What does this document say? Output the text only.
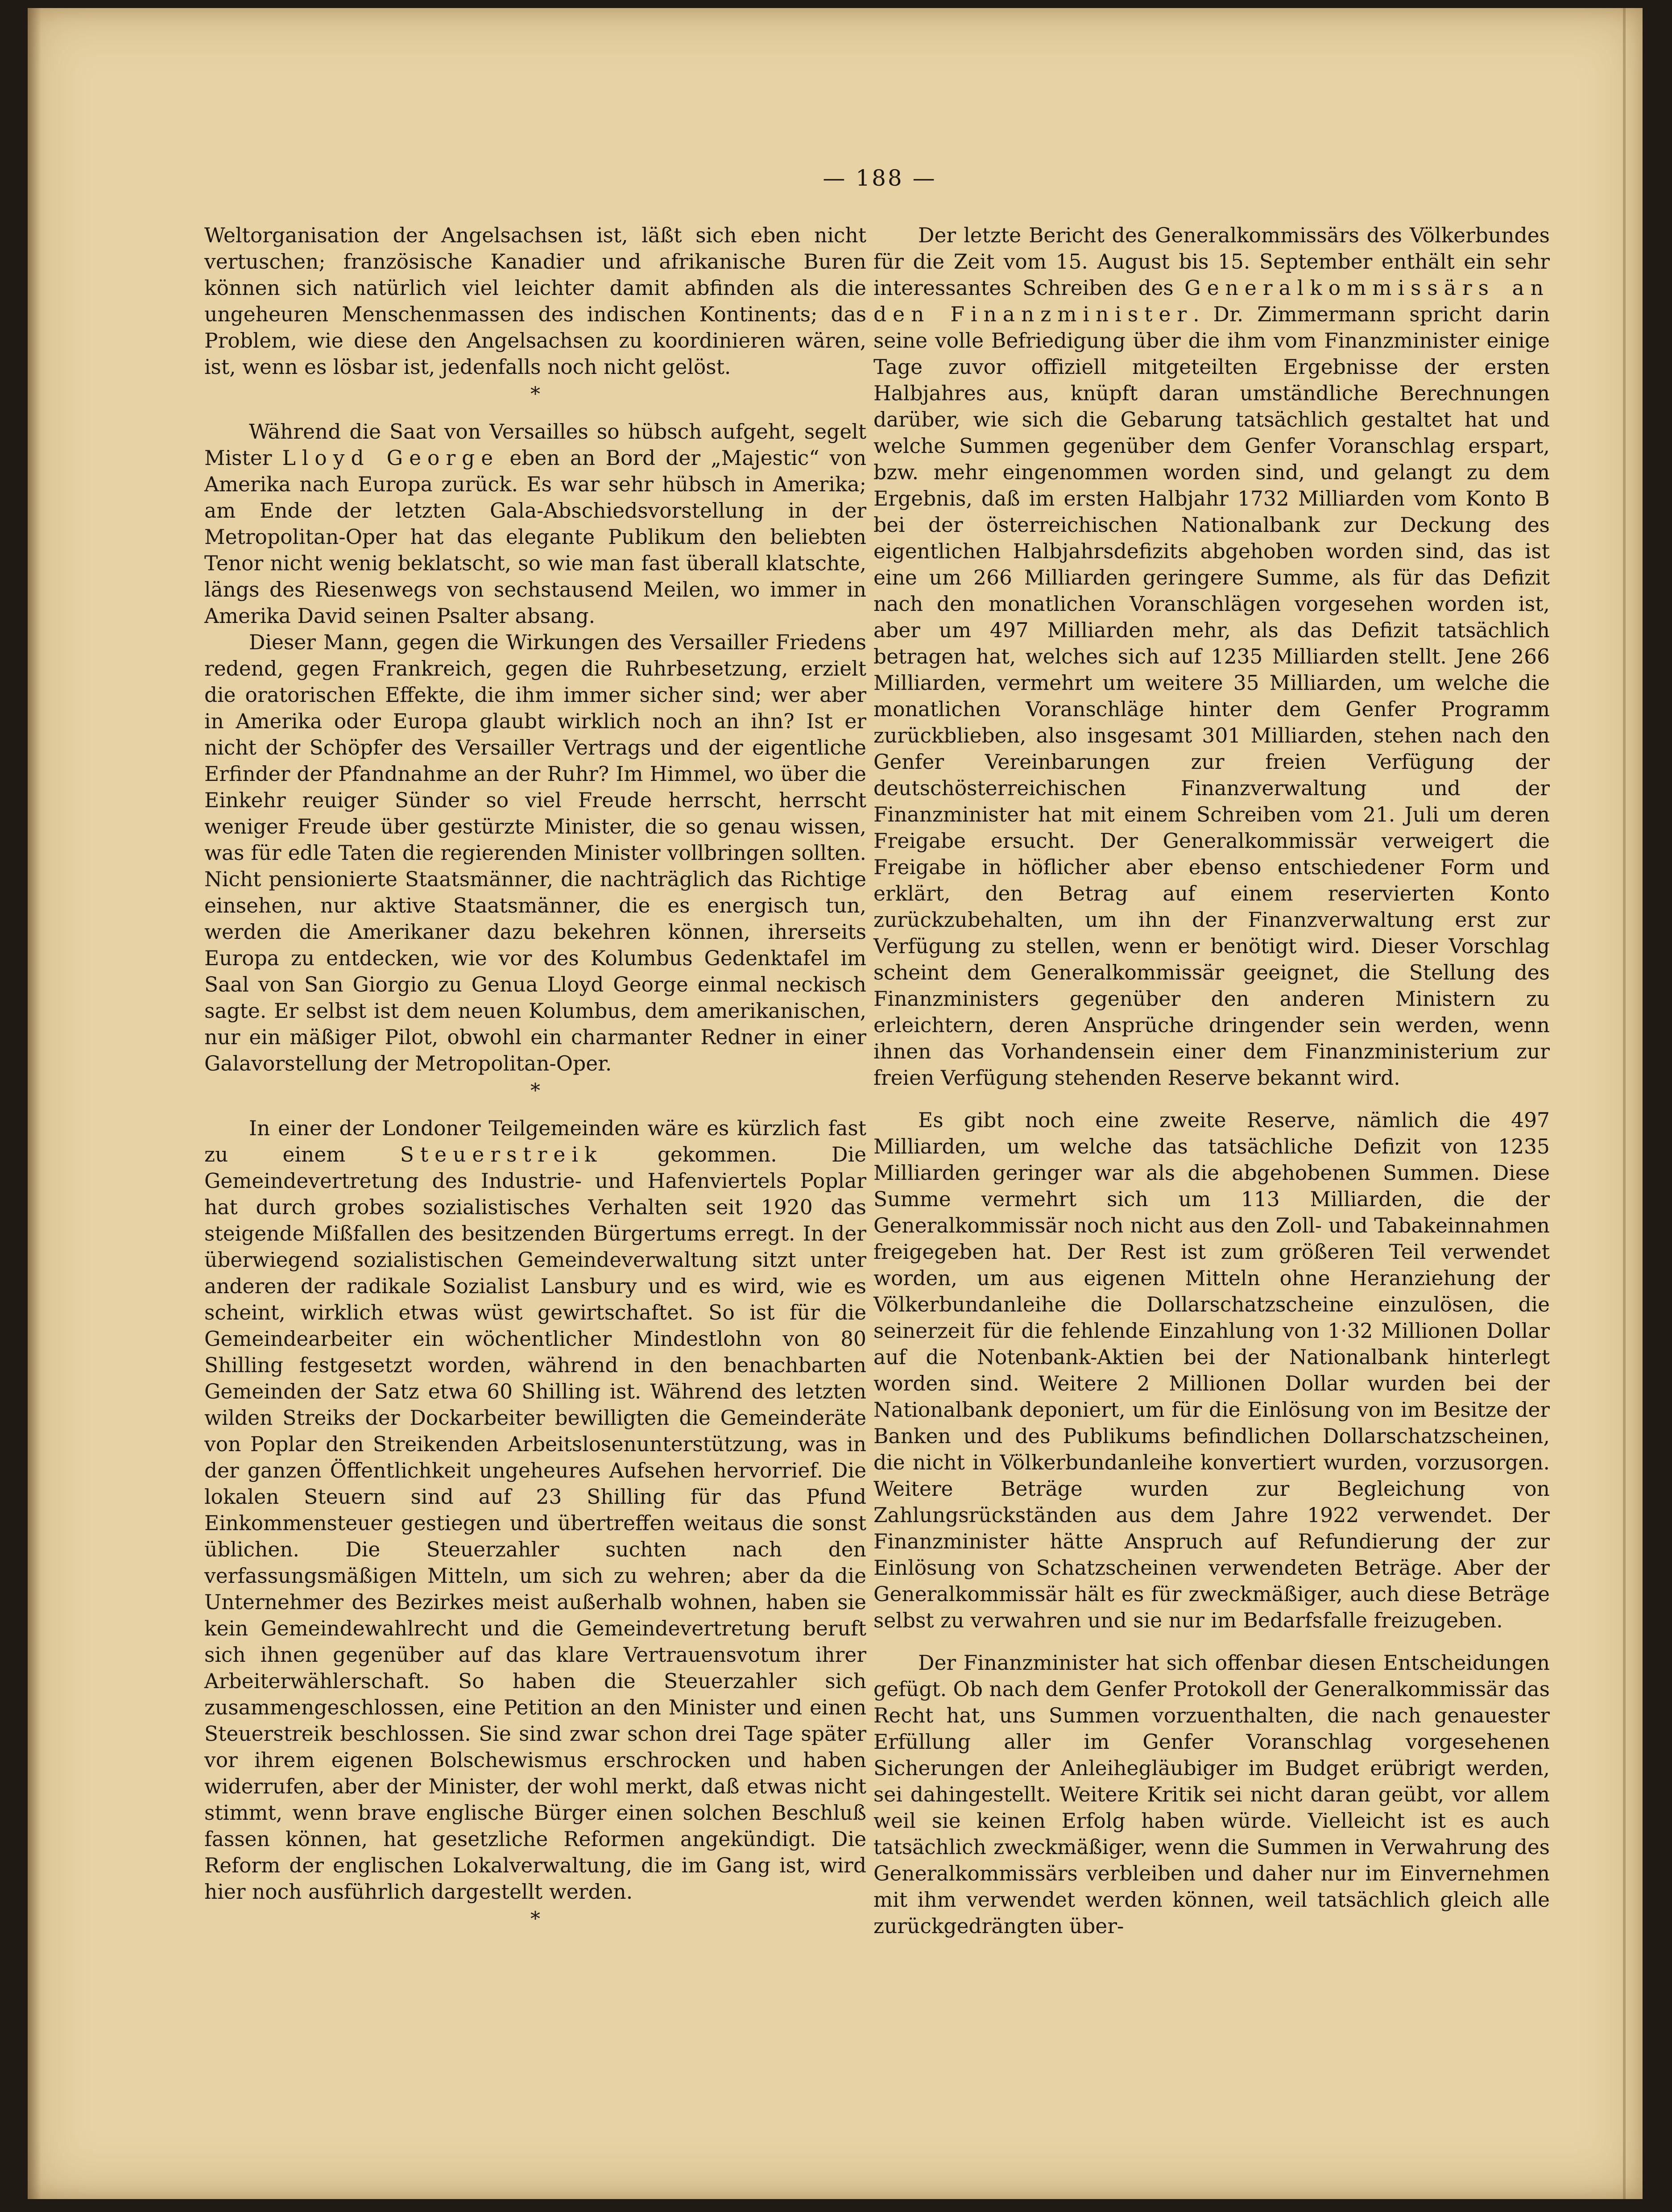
— 188 —

Weltorganisation der Angelsachsen ist, läßt sich eben nicht vertuschen; französische Kanadier und afrikanische Buren können sich natürlich viel leichter damit abfinden als die ungeheuren Menschenmassen des indischen Kontinents; das Problem, wie diese den Angelsachsen zu koordinieren wären, ist, wenn es lösbar ist, jedenfalls noch nicht gelöst.

*

Während die Saat von Versailles so hübsch aufgeht, segelt Mister Lloyd George eben an Bord der „Majestic“ von Amerika nach Europa zurück. Es war sehr hübsch in Amerika; am Ende der letzten Gala-Abschiedsvorstellung in der Metropolitan-Oper hat das elegante Publikum den beliebten Tenor nicht wenig beklatscht, so wie man fast überall klatschte, längs des Riesenwegs von sechstausend Meilen, wo immer in Amerika David seinen Psalter absang.

Dieser Mann, gegen die Wirkungen des Versailler Friedens redend, gegen Frankreich, gegen die Ruhrbesetzung, erzielt die oratorischen Effekte, die ihm immer sicher sind; wer aber in Amerika oder Europa glaubt wirklich noch an ihn? Ist er nicht der Schöpfer des Versailler Vertrags und der eigentliche Erfinder der Pfandnahme an der Ruhr? Im Himmel, wo über die Einkehr reuiger Sünder so viel Freude herrscht, herrscht weniger Freude über gestürzte Minister, die so genau wissen, was für edle Taten die regierenden Minister vollbringen sollten. Nicht pensionierte Staatsmänner, die nachträglich das Richtige einsehen, nur aktive Staatsmänner, die es energisch tun, werden die Amerikaner dazu bekehren können, ihrerseits Europa zu entdecken, wie vor des Kolumbus Gedenktafel im Saal von San Giorgio zu Genua Lloyd George einmal neckisch sagte. Er selbst ist dem neuen Kolumbus, dem amerikanischen, nur ein mäßiger Pilot, obwohl ein charmanter Redner in einer Galavorstellung der Metropolitan-Oper.

*

In einer der Londoner Teilgemeinden wäre es kürzlich fast zu einem Steuerstreik gekommen. Die Gemeindevertretung des Industrie- und Hafenviertels Poplar hat durch grobes sozialistisches Verhalten seit 1920 das steigende Mißfallen des besitzenden Bürgertums erregt. In der überwiegend sozialistischen Gemeindeverwaltung sitzt unter anderen der radikale Sozialist Lansbury und es wird, wie es scheint, wirklich etwas wüst gewirtschaftet. So ist für die Gemeindearbeiter ein wöchentlicher Mindestlohn von 80 Shilling festgesetzt worden, während in den benachbarten Gemeinden der Satz etwa 60 Shilling ist. Während des letzten wilden Streiks der Dockarbeiter bewilligten die Gemeinderäte von Poplar den Streikenden Arbeitslosenunterstützung, was in der ganzen Öffentlichkeit ungeheures Aufsehen hervorrief. Die lokalen Steuern sind auf 23 Shilling für das Pfund Einkommensteuer gestiegen und übertreffen weitaus die sonst üblichen. Die Steuerzahler suchten nach den verfassungsmäßigen Mitteln, um sich zu wehren; aber da die Unternehmer des Bezirkes meist außerhalb wohnen, haben sie kein Gemeindewahlrecht und die Gemeindevertretung beruft sich ihnen gegenüber auf das klare Vertrauensvotum ihrer Arbeiterwählerschaft. So haben die Steuerzahler sich zusammengeschlossen, eine Petition an den Minister und einen Steuerstreik beschlossen. Sie sind zwar schon drei Tage später vor ihrem eigenen Bolschewismus erschrocken und haben widerrufen, aber der Minister, der wohl merkt, daß etwas nicht stimmt, wenn brave englische Bürger einen solchen Beschluß fassen können, hat gesetzliche Reformen angekündigt. Die Reform der englischen Lokalverwaltung, die im Gang ist, wird hier noch ausführlich dargestellt werden.

*

Der letzte Bericht des Generalkommissärs des Völkerbundes für die Zeit vom 15. August bis 15. September enthält ein sehr interessantes Schreiben des Generalkommissärs an den Finanzminister. Dr. Zimmermann spricht darin seine volle Befriedigung über die ihm vom Finanzminister einige Tage zuvor offiziell mitgeteilten Ergebnisse der ersten Halbjahres aus, knüpft daran umständliche Berechnungen darüber, wie sich die Gebarung tatsächlich gestaltet hat und welche Summen gegenüber dem Genfer Voranschlag erspart, bzw. mehr eingenommen worden sind, und gelangt zu dem Ergebnis, daß im ersten Halbjahr 1732 Milliarden vom Konto B bei der österreichischen Nationalbank zur Deckung des eigentlichen Halbjahrsdefizits abgehoben worden sind, das ist eine um 266 Milliarden geringere Summe, als für das Defizit nach den monatlichen Voranschlägen vorgesehen worden ist, aber um 497 Milliarden mehr, als das Defizit tatsächlich betragen hat, welches sich auf 1235 Milliarden stellt. Jene 266 Milliarden, vermehrt um weitere 35 Milliarden, um welche die monatlichen Voranschläge hinter dem Genfer Programm zurückblieben, also insgesamt 301 Milliarden, stehen nach den Genfer Vereinbarungen zur freien Verfügung der deutschösterreichischen Finanzverwaltung und der Finanzminister hat mit einem Schreiben vom 21. Juli um deren Freigabe ersucht. Der Generalkommissär verweigert die Freigabe in höflicher aber ebenso entschiedener Form und erklärt, den Betrag auf einem reservierten Konto zurückzubehalten, um ihn der Finanzverwaltung erst zur Verfügung zu stellen, wenn er benötigt wird. Dieser Vorschlag scheint dem Generalkommissär geeignet, die Stellung des Finanzministers gegenüber den anderen Ministern zu erleichtern, deren Ansprüche dringender sein werden, wenn ihnen das Vorhandensein einer dem Finanzministerium zur freien Verfügung stehenden Reserve bekannt wird.

Es gibt noch eine zweite Reserve, nämlich die 497 Milliarden, um welche das tatsächliche Defizit von 1235 Milliarden geringer war als die abgehobenen Summen. Diese Summe vermehrt sich um 113 Milliarden, die der Generalkommissär noch nicht aus den Zoll- und Tabakeinnahmen freigegeben hat. Der Rest ist zum größeren Teil verwendet worden, um aus eigenen Mitteln ohne Heranziehung der Völkerbundanleihe die Dollarschatzscheine einzulösen, die seinerzeit für die fehlende Einzahlung von 1·32 Millionen Dollar auf die Notenbank-Aktien bei der Nationalbank hinterlegt worden sind. Weitere 2 Millionen Dollar wurden bei der Nationalbank deponiert, um für die Einlösung von im Besitze der Banken und des Publikums befindlichen Dollarschatzscheinen, die nicht in Völkerbundanleihe konvertiert wurden, vorzusorgen. Weitere Beträge wurden zur Begleichung von Zahlungsrückständen aus dem Jahre 1922 verwendet. Der Finanzminister hätte Anspruch auf Refundierung der zur Einlösung von Schatzscheinen verwendeten Beträge. Aber der Generalkommissär hält es für zweckmäßiger, auch diese Beträge selbst zu verwahren und sie nur im Bedarfsfalle freizugeben.

Der Finanzminister hat sich offenbar diesen Entscheidungen gefügt. Ob nach dem Genfer Protokoll der Generalkommissär das Recht hat, uns Summen vorzuenthalten, die nach genauester Erfüllung aller im Genfer Voranschlag vorgesehenen Sicherungen der Anleihegläubiger im Budget erübrigt werden, sei dahingestellt. Weitere Kritik sei nicht daran geübt, vor allem weil sie keinen Erfolg haben würde. Vielleicht ist es auch tatsächlich zweckmäßiger, wenn die Summen in Verwahrung des Generalkommissärs verbleiben und daher nur im Einvernehmen mit ihm verwendet werden können, weil tatsächlich gleich alle zurückgedrängten über-
